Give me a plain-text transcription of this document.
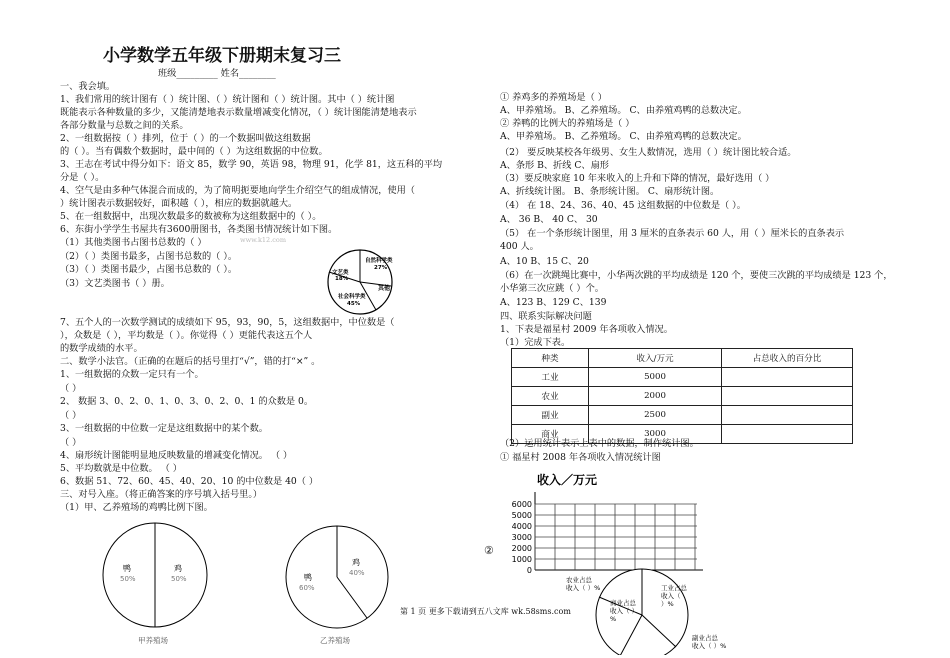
小学数学五年级下册期末复习三
班级_________ 姓名________
一、我会填。
1、我们常用的统计图有（ ）统计图、（ ）统计图和（ ）统计图。其中（ ）统计图
既能表示各种数量的多少，又能清楚地表示数量增减变化情况，（ ）统计图能清楚地表示
各部分数量与总数之间的关系。
2、一组数据按（ ）排列，位于（ ）的一个数据叫做这组数据
的（ ）。当有偶数个数据时，最中间的（ ）为这组数据的中位数。
3、王志在考试中得分如下：语文 85，数学 90，英语 98，物理 91，化学 81，这五科的平均
分是（ ）。
4、空气是由多种气体混合而成的，为了简明扼要地向学生介绍空气的组成情况，使用（
）统计图表示数据较好，面积越（ ），相应的数据就越大。
5、在一组数据中，出现次数最多的数被称为这组数据中的（ ）。
6、东街小学学生书屋共有3600册图书，各类图书情况统计如下图。
（1）其他类图书占图书总数的（ ）
（2）（ ）类图书最多，占图书总数的（ ）。
（3）（ ）类图书最少，占图书总数的（ ）。
（3）文艺类图书（ ）册。
7、五个人的一次数学测试的成绩如下 95，93，90，5，这组数据中，中位数是（
），众数是（ ），平均数是（ ）。你觉得（ ）更能代表这五个人
的数学成绩的水平。
二、数学小法官。（正确的在题后的括号里打“√”，错的打“×” 。
1、一组数据的众数一定只有一个。
（ ）
2、 数据 3、0、2、0、1、0、3、0、2、0、1 的众数是 0。
（ ）
3、一组数据的中位数一定是这组数据中的某个数。
（ ）
4、扇形统计图能明显地反映数量的增减变化情况。 （ ）
5、平均数就是中位数。 （ ）
6、数据 51、72、60、45、40、20、10 的中位数是 40（ ）
三、对号入座。（将正确答案的序号填入括号里。）
（1）甲、乙养殖场的鸡鸭比例下图。
自然科学类 27%
文艺类 18%
其他
社会科学类 45%
www.k12.com
鸭
50%
鸡
50%
甲养殖场
鸭
60%
鸡
40%
乙养殖场
① 养鸡多的养殖场是（ ）
A、甲养殖场。 B、乙养殖场。 C、由养殖鸡鸭的总数决定。
② 养鸭的比例大的养殖场是（ ）
A、甲养殖场。 B、乙养殖场。 C、由养殖鸡鸭的总数决定。
（2） 要反映某校各年级男、女生人数情况，选用（ ）统计图比较合适。
A、条形 B、折线 C、扇形
（3）要反映家庭 10 年来收入的上升和下降的情况，最好选用（ ）
A、折线统计图。 B、条形统计图。 C、扇形统计图。
（4） 在 18、24、36、40、45 这组数据的中位数是（ ）。
A、 36 B、 40 C、 30
（5） 在一个条形统计图里，用 3 厘米的直条表示 60 人，用（ ）厘米长的直条表示
400 人。
A、10 B、15 C、20
（6）在一次跳绳比赛中，小华两次跳的平均成绩是 120 个，要使三次跳的平均成绩是 123 个，
小华第三次应跳（ ）个。
A、123 B、129 C、139
四、联系实际解决问题
1、下表是福星村 2009 年各项收入情况。
（1）完成下表。
种类	收入/万元	占总收入的百分比
工业	5000	
农业	2000	
副业	2500	
商业	3000	
（2）运用统计表示上表中的数据，制作统计图。
① 福星村 2008 年各项收入情况统计图
收入／万元
0
1000
2000
3000
4000
5000
6000
②
农业占总收入（ ）%	工业占总收入（）%
商业占总收入（ ）%
副业占总收入（ ）%
第 1 页 更多下载请到五八文库 wk.58sms.com
